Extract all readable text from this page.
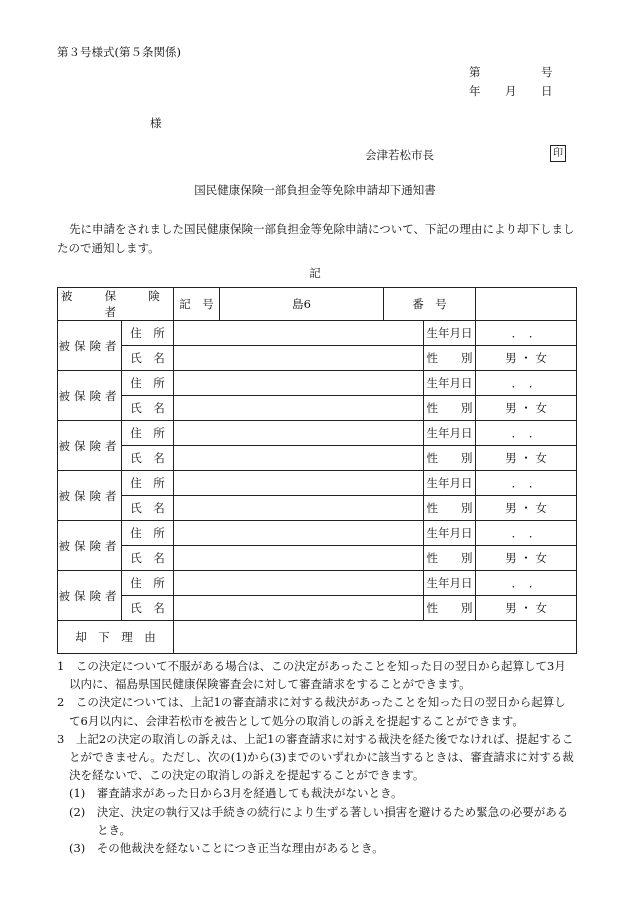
第３号様式(第５条関係)
第	号
年 月 日
様
会津若松市長	印
国民健康保険一部負担金等免除申請却下通知書
先に申請をされました国民健康保険一部負担金等免除申請について、下記の理由により却下しましたので通知します。
記
被　保　険　者		記　号	島6	番　号		
被保険者	住　所				生年月日	．　．
	氏　名				性　　別	男 ・ 女
被保険者	住　所				生年月日	．　．
	氏　名				性　　別	男 ・ 女
被保険者	住　所				生年月日	．　．
	氏　名				性　　別	男 ・ 女
被保険者	住　所				生年月日	．　．
	氏　名				性　　別	男 ・ 女
被保険者	住　所				生年月日	．　．
	氏　名				性　　別	男 ・ 女
被保険者	住　所				生年月日	．　．
	氏　名				性　　別	男 ・ 女
却　下　理　由						
1　この決定について不服がある場合は、この決定があったことを知った日の翌日から起算して3月以内に、福島県国民健康保険審査会に対して審査請求をすることができます。
2　この決定については、上記1の審査請求に対する裁決があったことを知った日の翌日から起算して6月以内に、会津若松市を被告として処分の取消しの訴えを提起することができます。
3　上記2の決定の取消しの訴えは、上記1の審査請求に対する裁決を経た後でなければ、提起することができません。ただし、次の(1)から(3)までのいずれかに該当するときは、審査請求に対する裁決を経ないで、この決定の取消しの訴えを提起することができます。
(1)　審査請求があった日から3月を経過しても裁決がないとき。
(2)　決定、決定の執行又は手続きの続行により生ずる著しい損害を避けるため緊急の必要があるとき。
(3)　その他裁決を経ないことにつき正当な理由があるとき。
